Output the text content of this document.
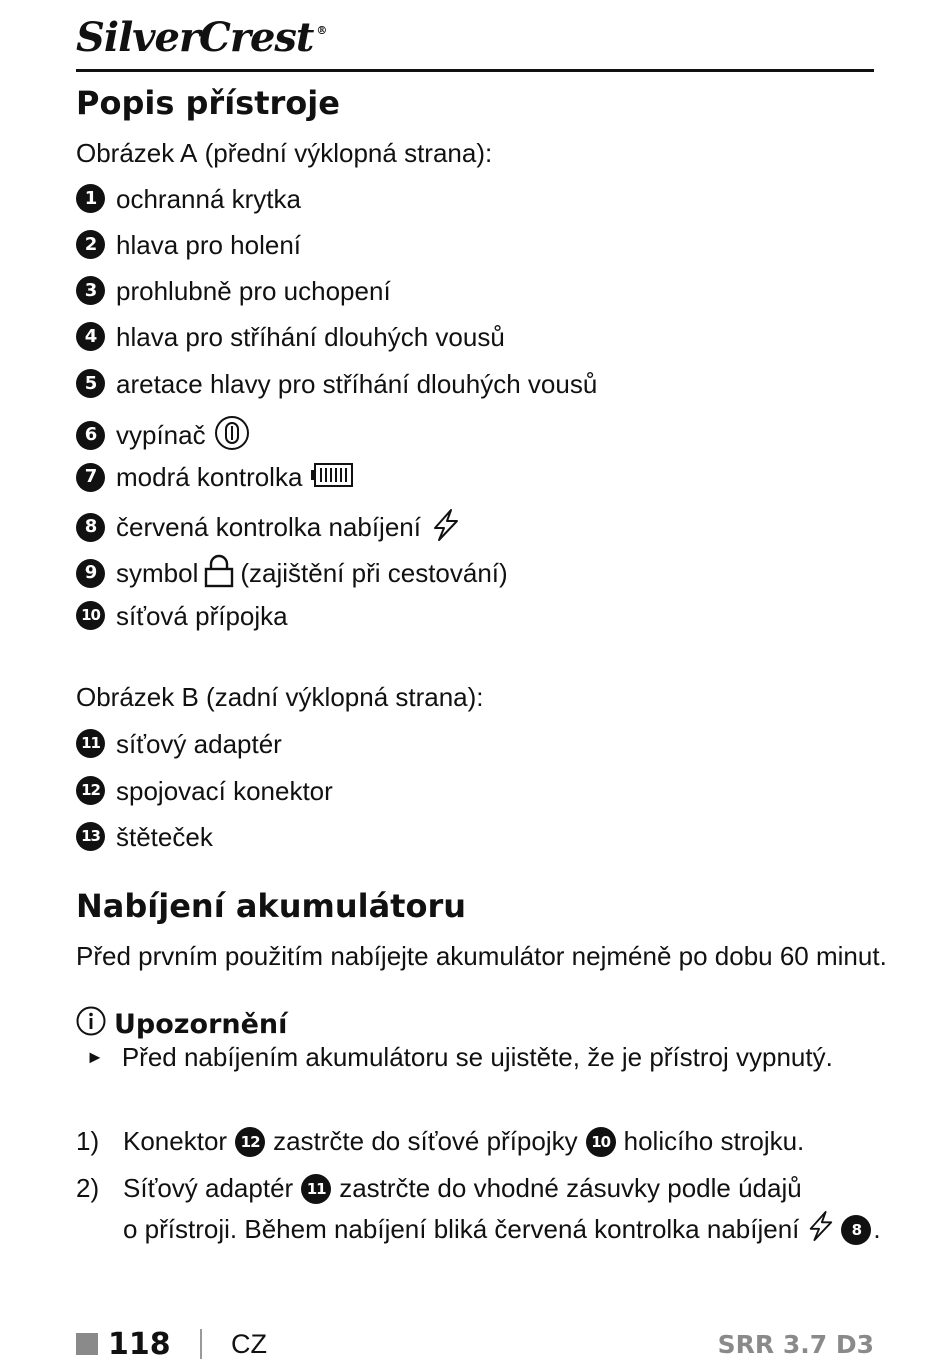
SilverCrest ®
Popis přístroje
Obrázek A (přední výklopná strana):
1 ochranná krytka
2 hlava pro holení
3 prohlubně pro uchopení
4 hlava pro stříhání dlouhých vousů
5 aretace hlavy pro stříhání dlouhých vousů
6 vypínač
7 modrá kontrolka
8 červená kontrolka nabíjení
9 symbol (zajištění při cestování)
10 síťová přípojka
Obrázek B (zadní výklopná strana):
11 síťový adaptér
12 spojovací konektor
13 štěteček
Nabíjení akumulátoru
Před prvním použitím nabíjejte akumulátor nejméně po dobu 60 minut.
Upozornění
► Před nabíjením akumulátoru se ujistěte, že je přístroj vypnutý.
1) Konektor 12 zastrčte do síťové přípojky 10 holicího strojku.
2) Síťový adaptér 11 zastrčte do vhodné zásuvky podle údajů
o přístroji. Během nabíjení bliká červená kontrolka nabíjení	8 .
118 CZ	SRR 3.7 D3
